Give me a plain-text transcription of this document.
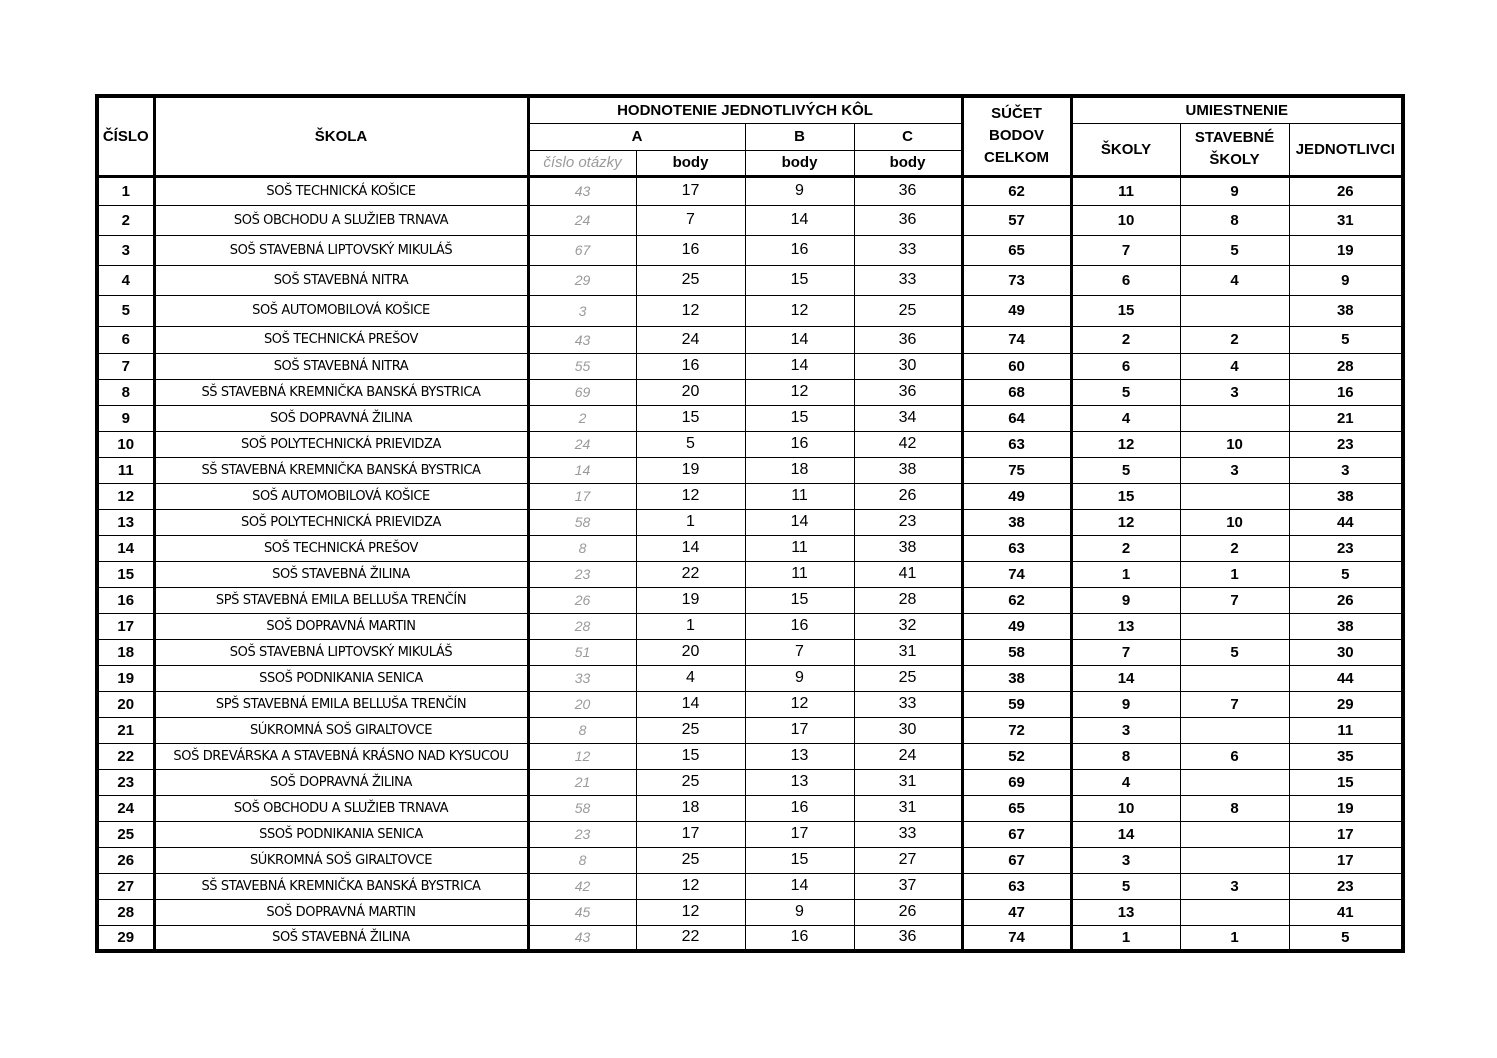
ČÍSLO	ŠKOLA	HODNOTENIE JEDNOTLIVÝCH KÔL				SÚČET
BODOV
CELKOM	UMIESTNENIE		
		A		B	C		ŠKOLY	STAVEBNÉ
ŠKOLY	JEDNOTLIVCI
		číslo otázky	body	body	body				
1	SOŠ TECHNICKÁ KOŠICE	43	17	9	36	62	11	9	26
2	SOŠ OBCHODU A SLUŽIEB TRNAVA	24	7	14	36	57	10	8	31
3	SOŠ STAVEBNÁ LIPTOVSKÝ MIKULÁŠ	67	16	16	33	65	7	5	19
4	SOŠ STAVEBNÁ NITRA	29	25	15	33	73	6	4	9
5	SOŠ AUTOMOBILOVÁ KOŠICE	3	12	12	25	49	15		38
6	SOŠ TECHNICKÁ PREŠOV	43	24	14	36	74	2	2	5
7	SOŠ STAVEBNÁ NITRA	55	16	14	30	60	6	4	28
8	SŠ STAVEBNÁ KREMNIČKA BANSKÁ BYSTRICA	69	20	12	36	68	5	3	16
9	SOŠ DOPRAVNÁ ŽILINA	2	15	15	34	64	4		21
10	SOŠ POLYTECHNICKÁ PRIEVIDZA	24	5	16	42	63	12	10	23
11	SŠ STAVEBNÁ KREMNIČKA BANSKÁ BYSTRICA	14	19	18	38	75	5	3	3
12	SOŠ AUTOMOBILOVÁ KOŠICE	17	12	11	26	49	15		38
13	SOŠ POLYTECHNICKÁ PRIEVIDZA	58	1	14	23	38	12	10	44
14	SOŠ TECHNICKÁ PREŠOV	8	14	11	38	63	2	2	23
15	SOŠ STAVEBNÁ ŽILINA	23	22	11	41	74	1	1	5
16	SPŠ STAVEBNÁ EMILA BELLUŠA TRENČÍN	26	19	15	28	62	9	7	26
17	SOŠ DOPRAVNÁ MARTIN	28	1	16	32	49	13		38
18	SOŠ STAVEBNÁ LIPTOVSKÝ MIKULÁŠ	51	20	7	31	58	7	5	30
19	SSOŠ PODNIKANIA SENICA	33	4	9	25	38	14		44
20	SPŠ STAVEBNÁ EMILA BELLUŠA TRENČÍN	20	14	12	33	59	9	7	29
21	SÚKROMNÁ SOŠ GIRALTOVCE	8	25	17	30	72	3		11
22	SOŠ DREVÁRSKA A STAVEBNÁ KRÁSNO NAD KYSUCOU	12	15	13	24	52	8	6	35
23	SOŠ DOPRAVNÁ ŽILINA	21	25	13	31	69	4		15
24	SOŠ OBCHODU A SLUŽIEB TRNAVA	58	18	16	31	65	10	8	19
25	SSOŠ PODNIKANIA SENICA	23	17	17	33	67	14		17
26	SÚKROMNÁ SOŠ GIRALTOVCE	8	25	15	27	67	3		17
27	SŠ STAVEBNÁ KREMNIČKA BANSKÁ BYSTRICA	42	12	14	37	63	5	3	23
28	SOŠ DOPRAVNÁ MARTIN	45	12	9	26	47	13		41
29	SOŠ STAVEBNÁ ŽILINA	43	22	16	36	74	1	1	5
